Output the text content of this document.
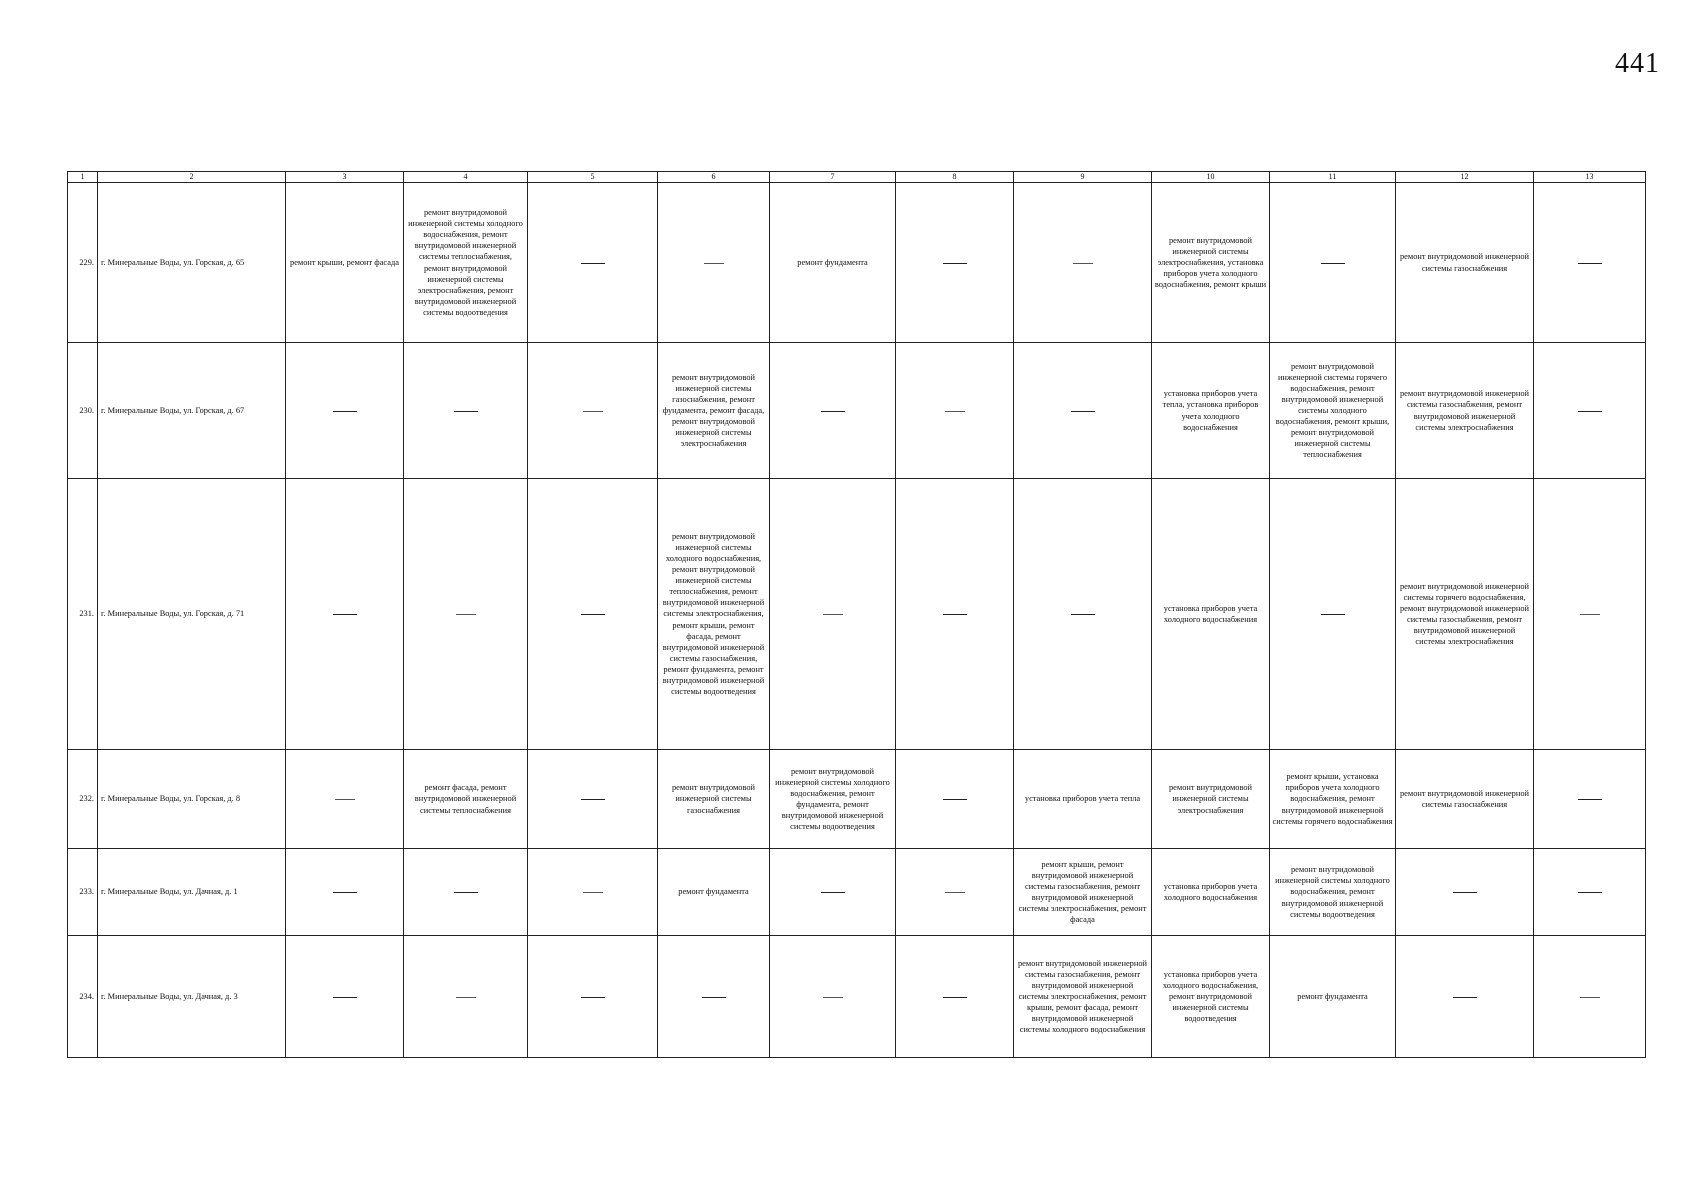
441
1	2	3	4	5	6	7	8	9	10	11	12	13
229.	г. Минеральные Воды, ул. Горская, д. 65	ремонт крыши, ремонт фасада	ремонт внутридомовой инженерной системы холодного водоснабжения, ремонт внутридомовой инженерной системы теплоснабжения, ремонт внутридомовой инженерной системы электроснабжения, ремонт внутридомовой инженерной системы водоотведения			ремонт фундамента			ремонт внутридомовой инженерной системы электроснабжения, установка приборов учета холодного водоснабжения, ремонт крыши		ремонт внутридомовой инженерной системы газоснабжения	
230.	г. Минеральные Воды, ул. Горская, д. 67				ремонт внутридомовой инженерной системы газоснабжения, ремонт фундамента, ремонт фасада, ремонт внутридомовой инженерной системы электроснабжения				установка приборов учета тепла, установка приборов учета холодного водоснабжения	ремонт внутридомовой инженерной системы горячего водоснабжения, ремонт внутридомовой инженерной системы холодного водоснабжения, ремонт крыши, ремонт внутридомовой инженерной системы теплоснабжения	ремонт внутридомовой инженерной системы газоснабжения, ремонт внутридомовой инженерной системы электроснабжения	
231.	г. Минеральные Воды, ул. Горская, д. 71				ремонт внутридомовой инженерной системы холодного водоснабжения, ремонт внутридомовой инженерной системы теплоснабжения, ремонт внутридомовой инженерной системы электроснабжения, ремонт крыши, ремонт фасада, ремонт внутридомовой инженерной системы газоснабжения, ремонт фундамента, ремонт внутридомовой инженерной системы водоотведения				установка приборов учета холодного водоснабжения		ремонт внутридомовой инженерной системы горячего водоснабжения, ремонт внутридомовой инженерной системы газоснабжения, ремонт внутридомовой инженерной системы электроснабжения	
232.	г. Минеральные Воды, ул. Горская, д. 8		ремонт фасада, ремонт внутридомовой инженерной системы теплоснабжения		ремонт внутридомовой инженерной системы газоснабжения	ремонт внутридомовой инженерной системы холодного водоснабжения, ремонт фундамента, ремонт внутридомовой инженерной системы водоотведения		установка приборов учета тепла	ремонт внутридомовой инженерной системы электроснабжения	ремонт крыши, установка приборов учета холодного водоснабжения, ремонт внутридомовой инженерной системы горячего водоснабжения	ремонт внутридомовой инженерной системы газоснабжения	
233.	г. Минеральные Воды, ул. Дачная, д. 1				ремонт фундамента			ремонт крыши, ремонт внутридомовой инженерной системы газоснабжения, ремонт внутридомовой инженерной системы электроснабжения, ремонт фасада	установка приборов учета холодного водоснабжения	ремонт внутридомовой инженерной системы холодного водоснабжения, ремонт внутридомовой инженерной системы водоотведения		
234.	г. Минеральные Воды, ул. Дачная, д. 3							ремонт внутридомовой инженерной системы газоснабжения, ремонт внутридомовой инженерной системы электроснабжения, ремонт крыши, ремонт фасада, ремонт внутридомовой инженерной системы холодного водоснабжения	установка приборов учета холодного водоснабжения, ремонт внутридомовой инженерной системы водоотведения	ремонт фундамента		
